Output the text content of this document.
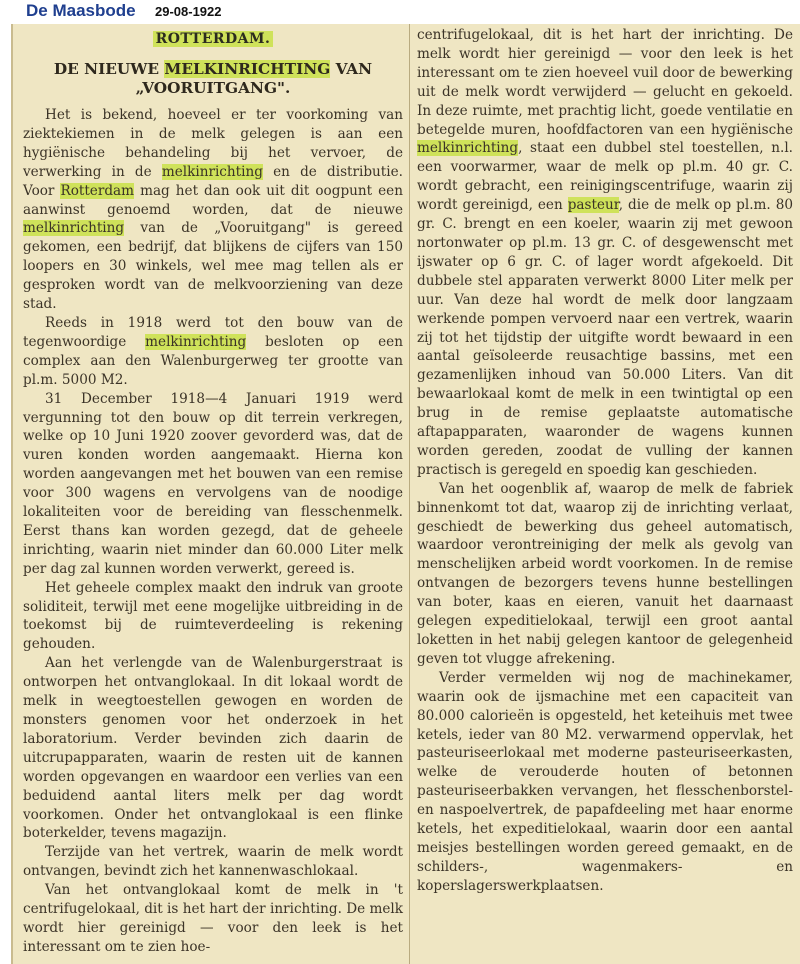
De Maasbode 29-08-1922
ROTTERDAM.
DE NIEUWE MELKINRICHTING VAN
„VOORUITGANG".

Het is bekend, hoeveel er ter voorkoming van ziektekiemen in de melk gelegen is aan een hygiënische behandeling bij het vervoer, de verwerking in de melkinrichting en de distributie. Voor Rotterdam mag het dan ook uit dit oogpunt een aanwinst genoemd worden, dat de nieuwe melkinrichting van de „Vooruitgang" is gereed gekomen, een bedrijf, dat blijkens de cijfers van 150 loopers en 30 winkels, wel mee mag tellen als er gesproken wordt van de melkvoorziening van deze stad.

Reeds in 1918 werd tot den bouw van de tegenwoordige melkinrichting besloten op een complex aan den Walenburgerweg ter grootte van pl.m. 5000 M2.

31 December 1918—4 Januari 1919 werd vergunning tot den bouw op dit terrein verkregen, welke op 10 Juni 1920 zoover gevorderd was, dat de vuren konden worden aangemaakt. Hierna kon worden aangevangen met het bouwen van een remise voor 300 wagens en vervolgens van de noodige lokaliteiten voor de bereiding van flesschenmelk. Eerst thans kan worden gezegd, dat de geheele inrichting, waarin niet minder dan 60.000 Liter melk per dag zal kunnen worden verwerkt, gereed is.

Het geheele complex maakt den indruk van groote soliditeit, terwijl met eene mogelijke uitbreiding in de toekomst bij de ruimteverdeeling is rekening gehouden.

Aan het verlengde van de Walenburgerstraat is ontworpen het ontvanglokaal. In dit lokaal wordt de melk in weegtoestellen gewogen en worden de monsters genomen voor het onderzoek in het laboratorium. Verder bevinden zich daarin de uitcrupapparaten, waarin de resten uit de kannen worden opgevangen en waardoor een verlies van een beduidend aantal liters melk per dag wordt voorkomen. Onder het ontvanglokaal is een flinke boterkelder, tevens magazijn.

Terzijde van het vertrek, waarin de melk wordt ontvangen, bevindt zich het kannenwaschlokaal.

Van het ontvanglokaal komt de melk in 't centrifugelokaal, dit is het hart der inrichting. De melk wordt hier gereinigd — voor den leek is het interessant om te zien hoe-

centrifugelokaal, dit is het hart der inrichting. De melk wordt hier gereinigd — voor den leek is het interessant om te zien hoeveel vuil door de bewerking uit de melk wordt verwijderd — gelucht en gekoeld. In deze ruimte, met prachtig licht, goede ventilatie en betegelde muren, hoofdfactoren van een hygiënische melkinrichting, staat een dubbel stel toestellen, n.l. een voorwarmer, waar de melk op pl.m. 40 gr. C. wordt gebracht, een reinigingscentrifuge, waarin zij wordt gereinigd, een pasteur, die de melk op pl.m. 80 gr. C. brengt en een koeler, waarin zij met gewoon nortonwater op pl.m. 13 gr. C. of desgewenscht met ijswater op 6 gr. C. of lager wordt afgekoeld. Dit dubbele stel apparaten verwerkt 8000 Liter melk per uur. Van deze hal wordt de melk door langzaam werkende pompen vervoerd naar een vertrek, waarin zij tot het tijdstip der uitgifte wordt bewaard in een aantal geïsoleerde reusachtige bassins, met een gezamenlijken inhoud van 50.000 Liters. Van dit bewaarlokaal komt de melk in een twintigtal op een brug in de remise geplaatste automatische aftapapparaten, waaronder de wagens kunnen worden gereden, zoodat de vulling der kannen practisch is geregeld en spoedig kan geschieden.

Van het oogenblik af, waarop de melk de fabriek binnenkomt tot dat, waarop zij de inrichting verlaat, geschiedt de bewerking dus geheel automatisch, waardoor verontreiniging der melk als gevolg van menschelijken arbeid wordt voorkomen. In de remise ontvangen de bezorgers tevens hunne bestellingen van boter, kaas en eieren, vanuit het daarnaast gelegen expeditielokaal, terwijl een groot aantal loketten in het nabij gelegen kantoor de gelegenheid geven tot vlugge afrekening.

Verder vermelden wij nog de machinekamer, waarin ook de ijsmachine met een capaciteit van 80.000 calorieën is opgesteld, het keteihuis met twee ketels, ieder van 80 M2. verwarmend oppervlak, het pasteuriseerlokaal met moderne pasteuriseerkasten, welke de verouderde houten of betonnen pasteuriseerbakken vervangen, het flesschenborstel- en naspoelvertrek, de papafdeeling met haar enorme ketels, het expeditielokaal, waarin door een aantal meisjes bestellingen worden gereed gemaakt, en de schilders-, wagenmakers- en koperslagerswerkplaatsen.
